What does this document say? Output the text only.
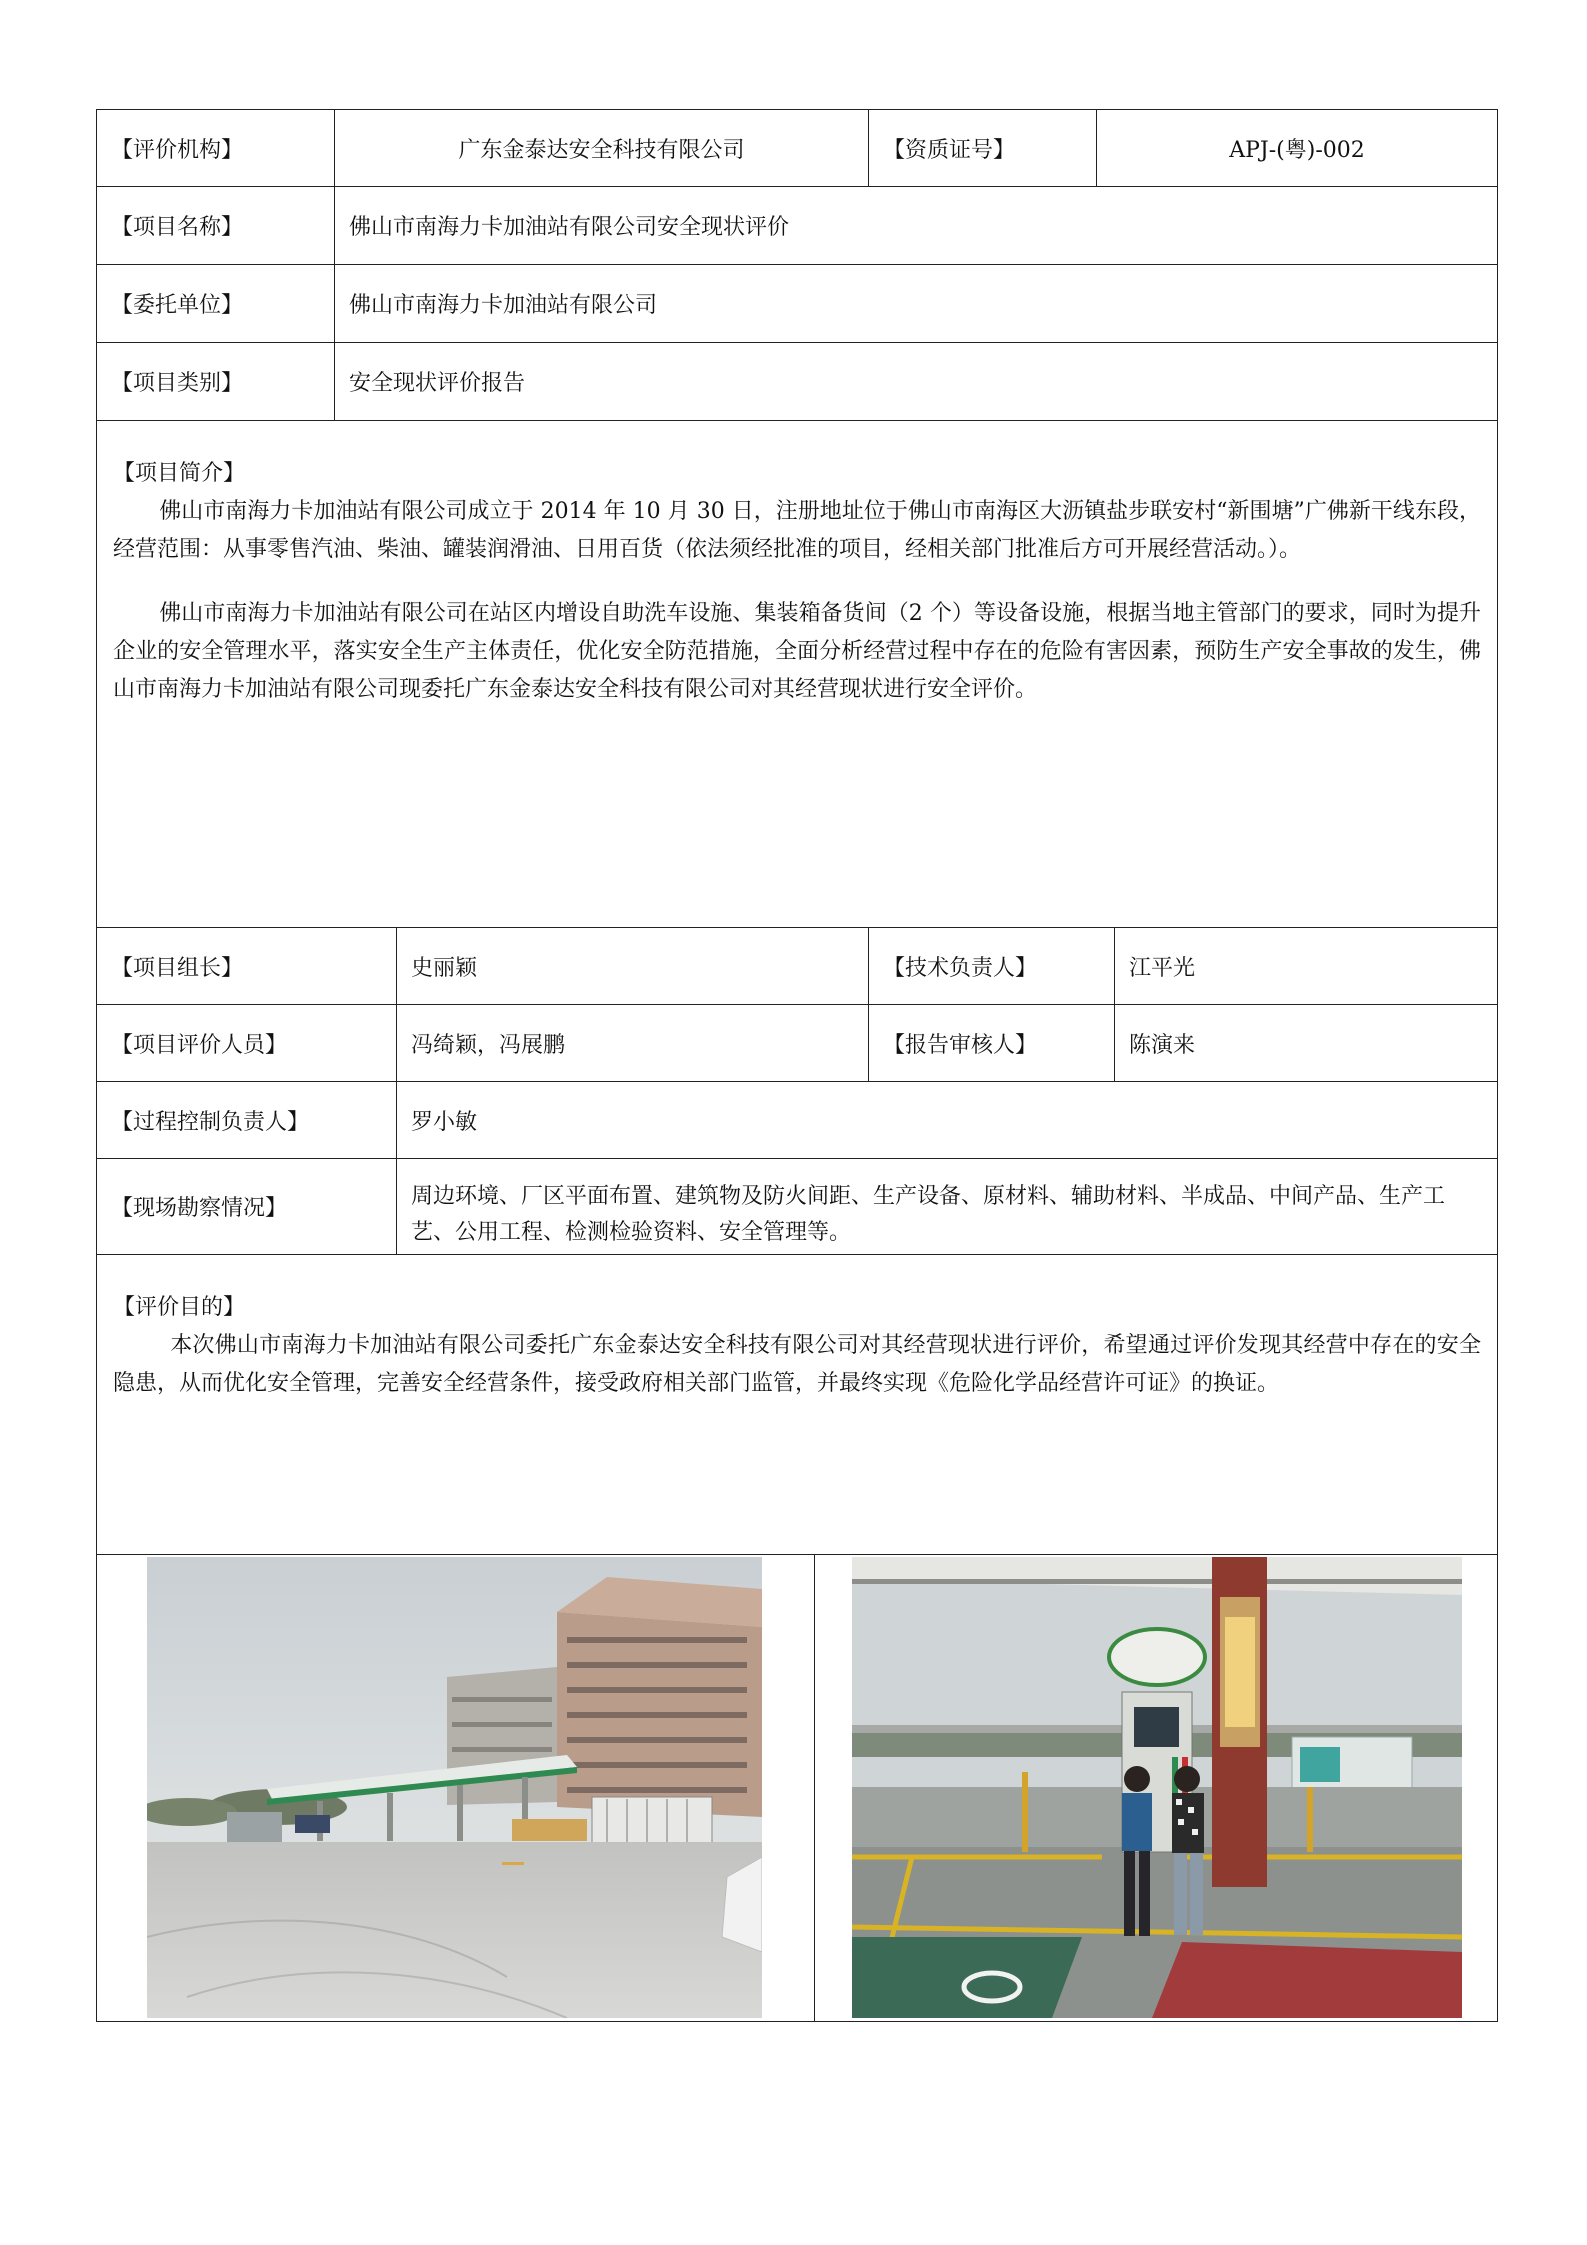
【评价机构】	广东金泰达安全科技有限公司	【资质证号】	APJ-(粤)-002
【项目名称】	佛山市南海力卡加油站有限公司安全现状评价
【委托单位】	佛山市南海力卡加油站有限公司
【项目类别】	安全现状评价报告
【项目简介】

佛山市南海力卡加油站有限公司成立于 2014 年 10 月 30 日，注册地址位于佛山市南海区大沥镇盐步联安村“新围塘”广佛新干线东段，经营范围：从事零售汽油、柴油、罐装润滑油、日用百货（依法须经批准的项目，经相关部门批准后方可开展经营活动。）。

佛山市南海力卡加油站有限公司在站区内增设自助洗车设施、集装箱备货间（2 个）等设备设施，根据当地主管部门的要求，同时为提升企业的安全管理水平，落实安全生产主体责任，优化安全防范措施，全面分析经营过程中存在的危险有害因素，预防生产安全事故的发生，佛山市南海力卡加油站有限公司现委托广东金泰达安全科技有限公司对其经营现状进行安全评价。

【项目组长】	史丽颖	【技术负责人】	江平光
【项目评价人员】	冯绮颖，冯展鹏	【报告审核人】	陈演来
【过程控制负责人】	罗小敏
【现场勘察情况】	周边环境、厂区平面布置、建筑物及防火间距、生产设备、原材料、辅助材料、半成品、中间产品、生产工艺、公用工程、检测检验资料、安全管理等。
【评价目的】

本次佛山市南海力卡加油站有限公司委托广东金泰达安全科技有限公司对其经营现状进行评价，希望通过评价发现其经营中存在的安全隐患，从而优化安全管理，完善安全经营条件，接受政府相关部门监管，并最终实现《危险化学品经营许可证》的换证。
